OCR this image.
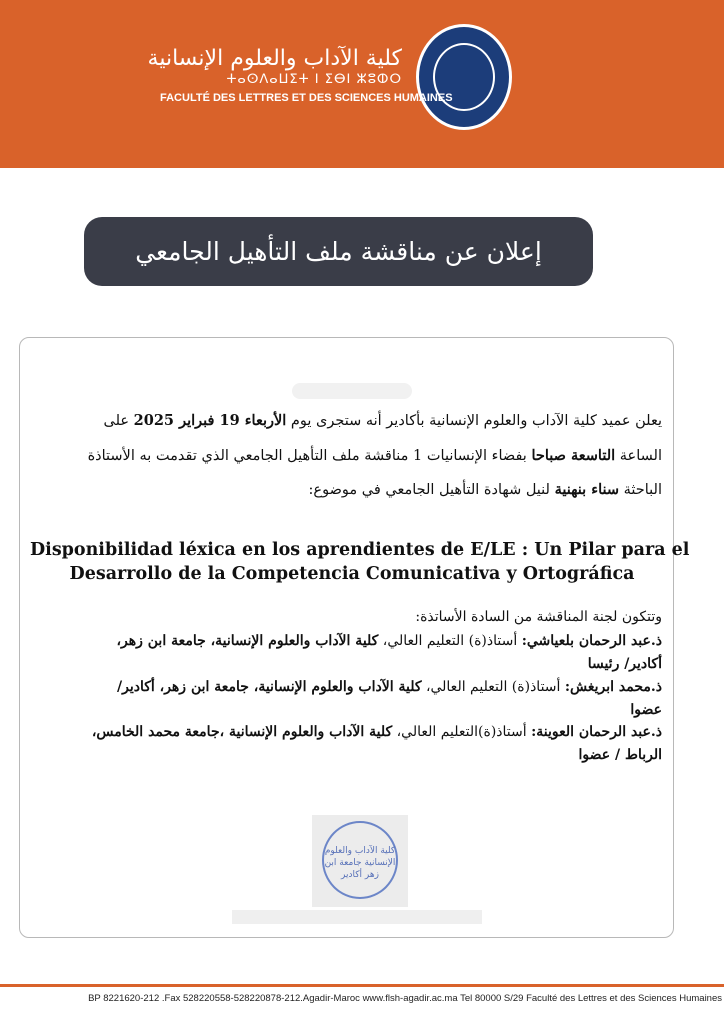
كلية الآداب والعلوم الإنسانية
ⵜⴰⵙⴷⴰⵡⵉⵜ ⵏ ⵉⴱⵏ ⵣⵓⵀⵔ
FACULTÉ DES LETTRES ET DES SCIENCES HUMAINES
إعلان عن مناقشة ملف التأهيل الجامعي
يعلن عميد كلية الآداب والعلوم الإنسانية بأكادير أنه ستجرى يوم الأربعاء 19 فبراير 2025 على
الساعة التاسعة صباحا بفضاء الإنسانيات 1 مناقشة ملف التأهيل الجامعي الذي تقدمت به الأستاذة
الباحثة سناء بنهنية لنيل شهادة التأهيل الجامعي في موضوع:
Disponibilidad léxica en los aprendientes de E/LE : Un Pilar para el
Desarrollo de la Competencia Comunicativa y Ortográfica
وتتكون لجنة المناقشة من السادة الأساتذة:
ذ.عبد الرحمان بلعياشي: أستاذ(ة) التعليم العالي، كلية الآداب والعلوم الإنسانية، جامعة ابن زهر،
أكادير/ رئيسا
ذ.محمد ابريغش: أستاذ(ة) التعليم العالي، كلية الآداب والعلوم الإنسانية، جامعة ابن زهر، أكادير/
عضوا
ذ.عبد الرحمان العوينة: أستاذ(ة)التعليم العالي، كلية الآداب والعلوم الإنسانية ،جامعة محمد الخامس،
الرباط / عضوا
كلية الآداب والعلوم الإنسانية جامعة ابن زهر أكادير
BP 8221620-212 .Fax 528220558-528220878-212.Agadir-Maroc www.flsh-agadir.ac.ma Tel 80000 S/29 Faculté des Lettres et des Sciences Humaines
